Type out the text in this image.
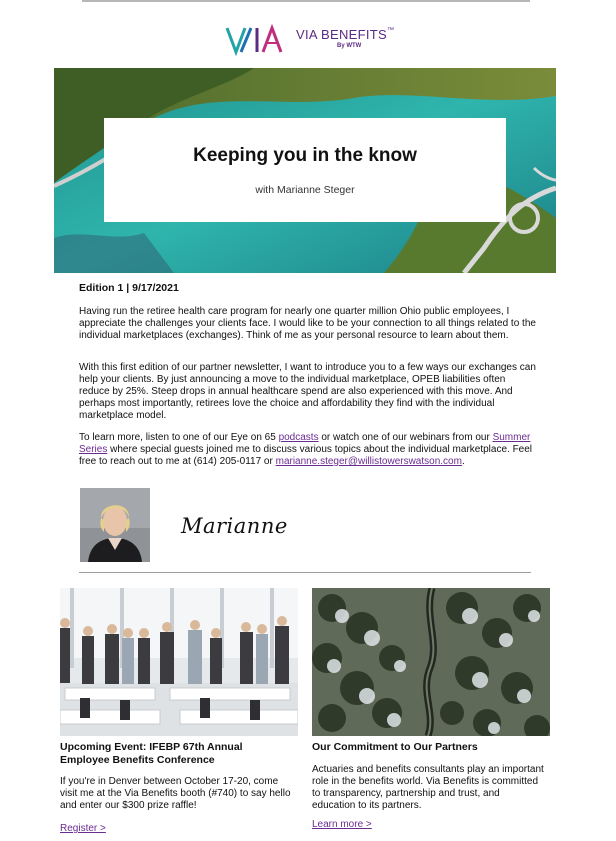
VIA BENEFITS™
By WTW
Keeping you in the know
with Marianne Steger
Edition 1 | 9/17/2021
Having run the retiree health care program for nearly one quarter million Ohio public employees, I appreciate the challenges your clients face. I would like to be your connection to all things related to the individual marketplaces (exchanges). Think of me as your personal resource to learn about them.
With this first edition of our partner newsletter, I want to introduce you to a few ways our exchanges can help your clients. By just announcing a move to the individual marketplace, OPEB liabilities often reduce by 25%. Steep drops in annual healthcare spend are also experienced with this move. And perhaps most importantly, retirees love the choice and affordability they find with the individual marketplace model.
To learn more, listen to one of our Eye on 65 podcasts or watch one of our webinars from our Summer Series where special guests joined me to discuss various topics about the individual marketplace. Feel free to reach out to me at (614) 205-0117 or marianne.steger@willistowerswatson.com.
Marianne
Upcoming Event: IFEBP 67th Annual Employee Benefits Conference
If you're in Denver between October 17-20, come visit me at the Via Benefits booth (#740) to say hello and enter our $300 prize raffle!
Register >
Our Commitment to Our Partners
Actuaries and benefits consultants play an important role in the benefits world. Via Benefits is committed to transparency, partnership and trust, and education to its partners.
Learn more >
